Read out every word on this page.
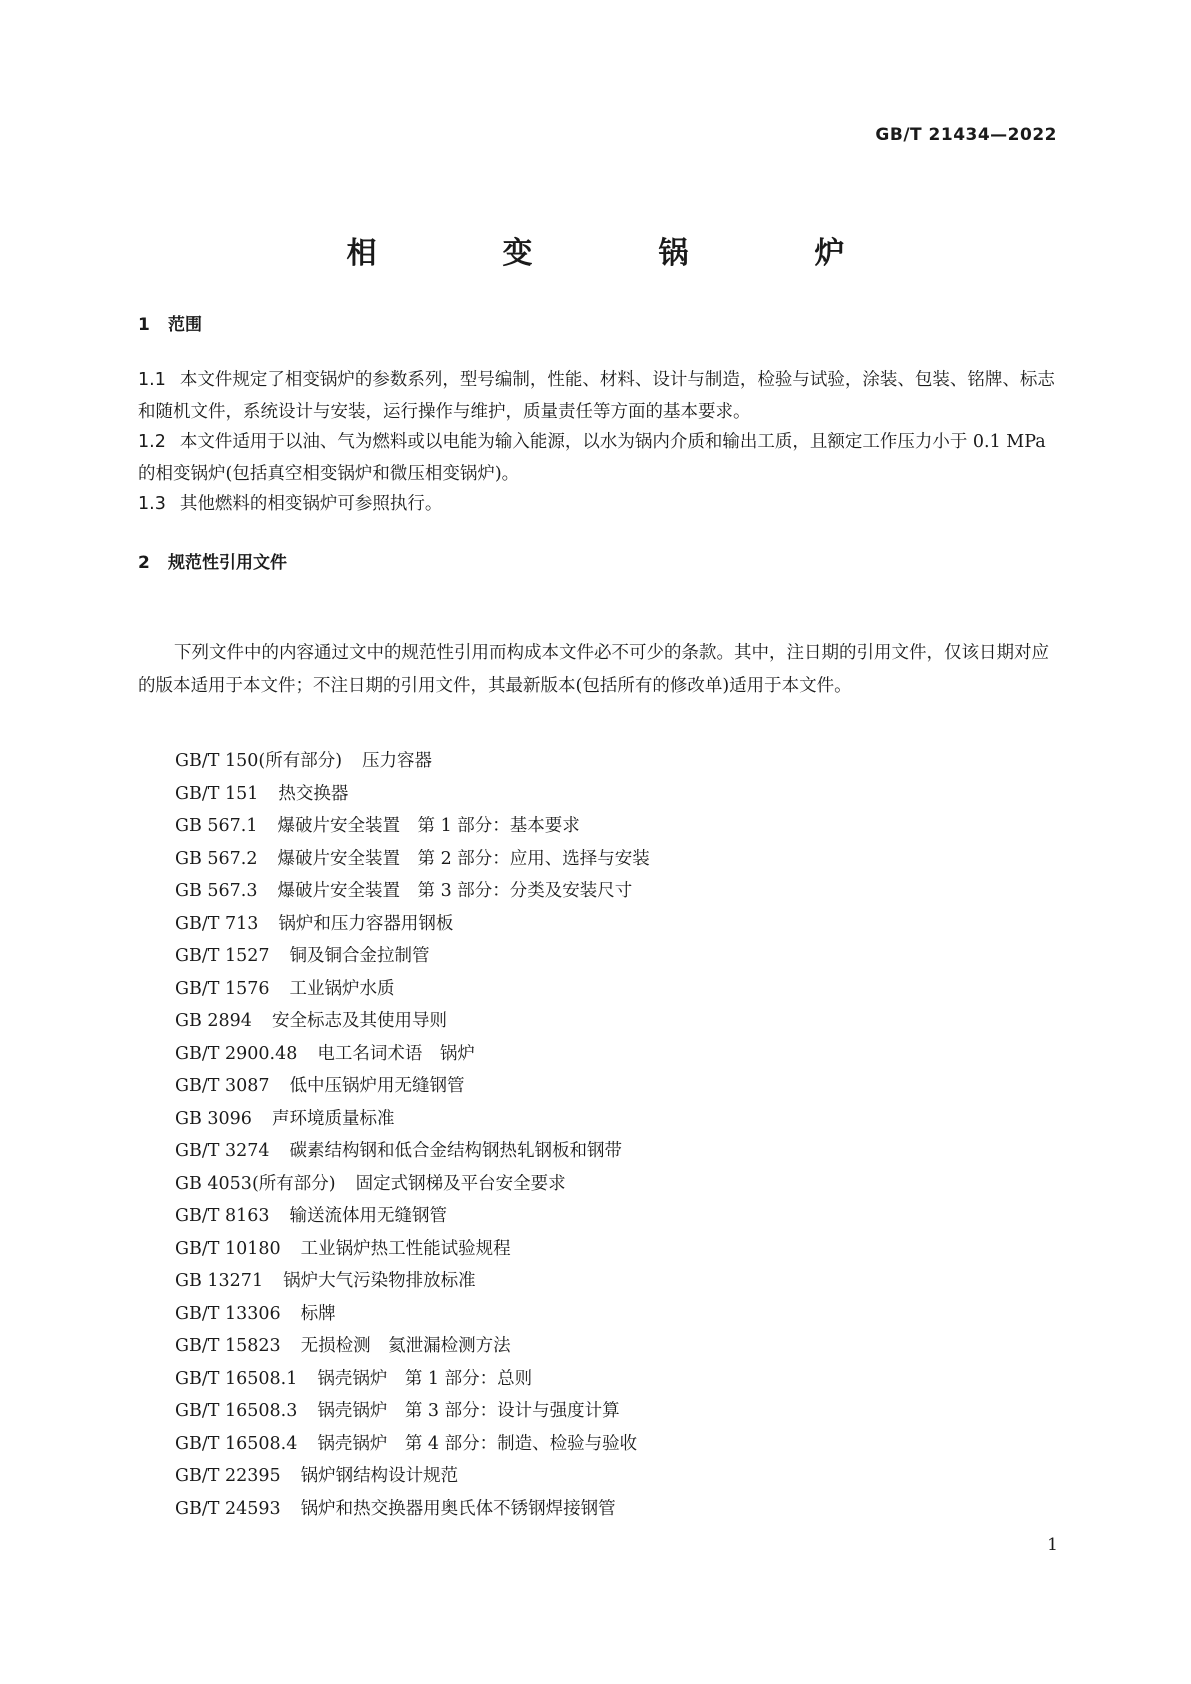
GB/T 21434—2022
相　变　锅　炉
1 范围
1.1 本文件规定了相变锅炉的参数系列，型号编制，性能、材料、设计与制造，检验与试验，涂装、包装、铭牌、标志和随机文件，系统设计与安装，运行操作与维护，质量责任等方面的基本要求。
1.2 本文件适用于以油、气为燃料或以电能为输入能源，以水为锅内介质和输出工质，且额定工作压力小于 0.1 MPa 的相变锅炉(包括真空相变锅炉和微压相变锅炉)。
1.3 其他燃料的相变锅炉可参照执行。
2 规范性引用文件
下列文件中的内容通过文中的规范性引用而构成本文件必不可少的条款。其中，注日期的引用文件，仅该日期对应的版本适用于本文件；不注日期的引用文件，其最新版本(包括所有的修改单)适用于本文件。
GB/T 150(所有部分) 压力容器
GB/T 151 热交换器
GB 567.1 爆破片安全装置　第 1 部分：基本要求
GB 567.2 爆破片安全装置　第 2 部分：应用、选择与安装
GB 567.3 爆破片安全装置　第 3 部分：分类及安装尺寸
GB/T 713 锅炉和压力容器用钢板
GB/T 1527 铜及铜合金拉制管
GB/T 1576 工业锅炉水质
GB 2894 安全标志及其使用导则
GB/T 2900.48 电工名词术语　锅炉
GB/T 3087 低中压锅炉用无缝钢管
GB 3096 声环境质量标准
GB/T 3274 碳素结构钢和低合金结构钢热轧钢板和钢带
GB 4053(所有部分) 固定式钢梯及平台安全要求
GB/T 8163 输送流体用无缝钢管
GB/T 10180 工业锅炉热工性能试验规程
GB 13271 锅炉大气污染物排放标准
GB/T 13306 标牌
GB/T 15823 无损检测　氦泄漏检测方法
GB/T 16508.1 锅壳锅炉　第 1 部分：总则
GB/T 16508.3 锅壳锅炉　第 3 部分：设计与强度计算
GB/T 16508.4 锅壳锅炉　第 4 部分：制造、检验与验收
GB/T 22395 锅炉钢结构设计规范
GB/T 24593 锅炉和热交换器用奥氏体不锈钢焊接钢管
1
